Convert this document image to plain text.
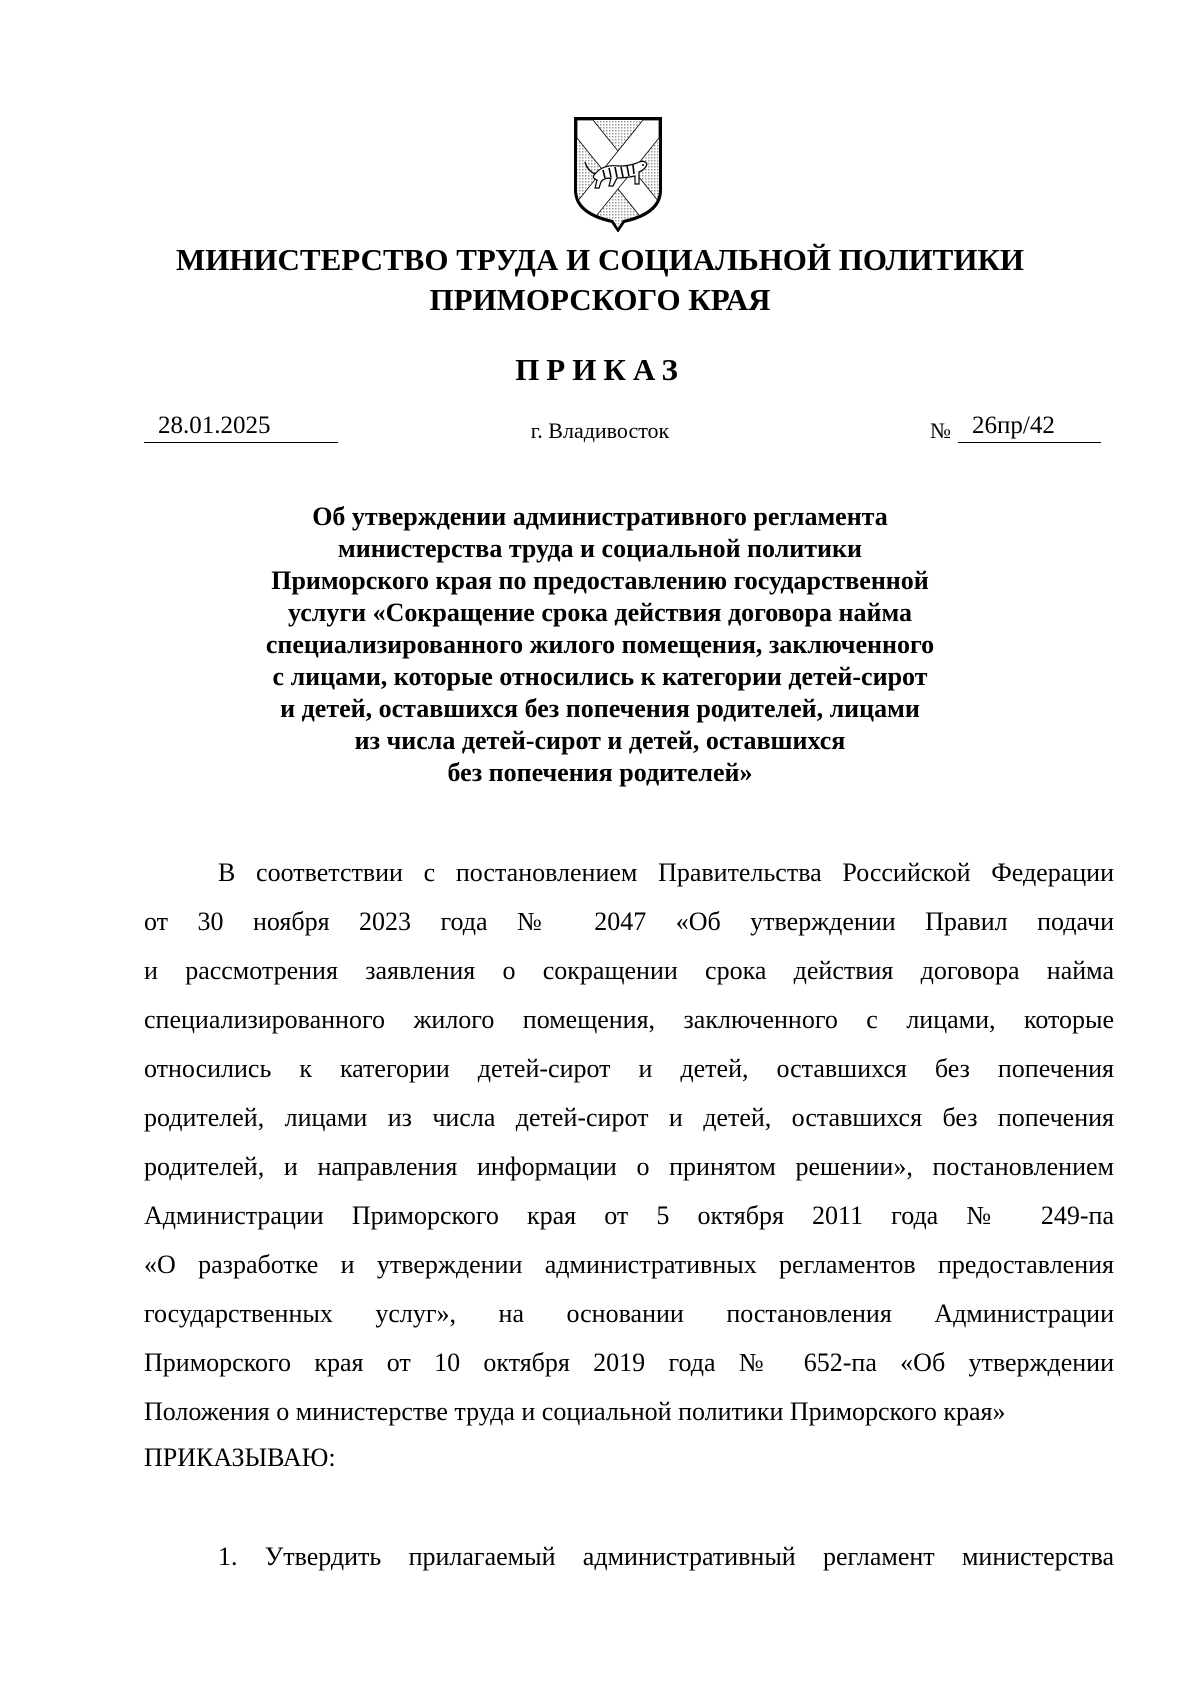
МИНИСТЕРСТВО ТРУДА И СОЦИАЛЬНОЙ ПОЛИТИКИ
ПРИМОРСКОГО КРАЯ
ПРИКАЗ
28.01.2025	г. Владивосток	№ 26пр/42
Об утверждении административного регламента
министерства труда и социальной политики
Приморского края по предоставлению государственной
услуги «Сокращение срока действия договора найма
специализированного жилого помещения, заключенного
с лицами, которые относились к категории детей-сирот
и детей, оставшихся без попечения родителей, лицами
из числа детей-сирот и детей, оставшихся
без попечения родителей»
В соответствии с постановлением Правительства Российской Федерации
от 30 ноября 2023 года № 2047 «Об утверждении Правил подачи
и рассмотрения заявления о сокращении срока действия договора найма
специализированного жилого помещения, заключенного с лицами, которые
относились к категории детей-сирот и детей, оставшихся без попечения
родителей, лицами из числа детей-сирот и детей, оставшихся без попечения
родителей, и направления информации о принятом решении», постановлением
Администрации Приморского края от 5 октября 2011 года № 249-па
«О разработке и утверждении административных регламентов предоставления
государственных услуг», на основании постановления Администрации
Приморского края от 10 октября 2019 года № 652-па «Об утверждении
Положения о министерстве труда и социальной политики Приморского края»
ПРИКАЗЫВАЮ:
1. Утвердить прилагаемый административный регламент министерства
